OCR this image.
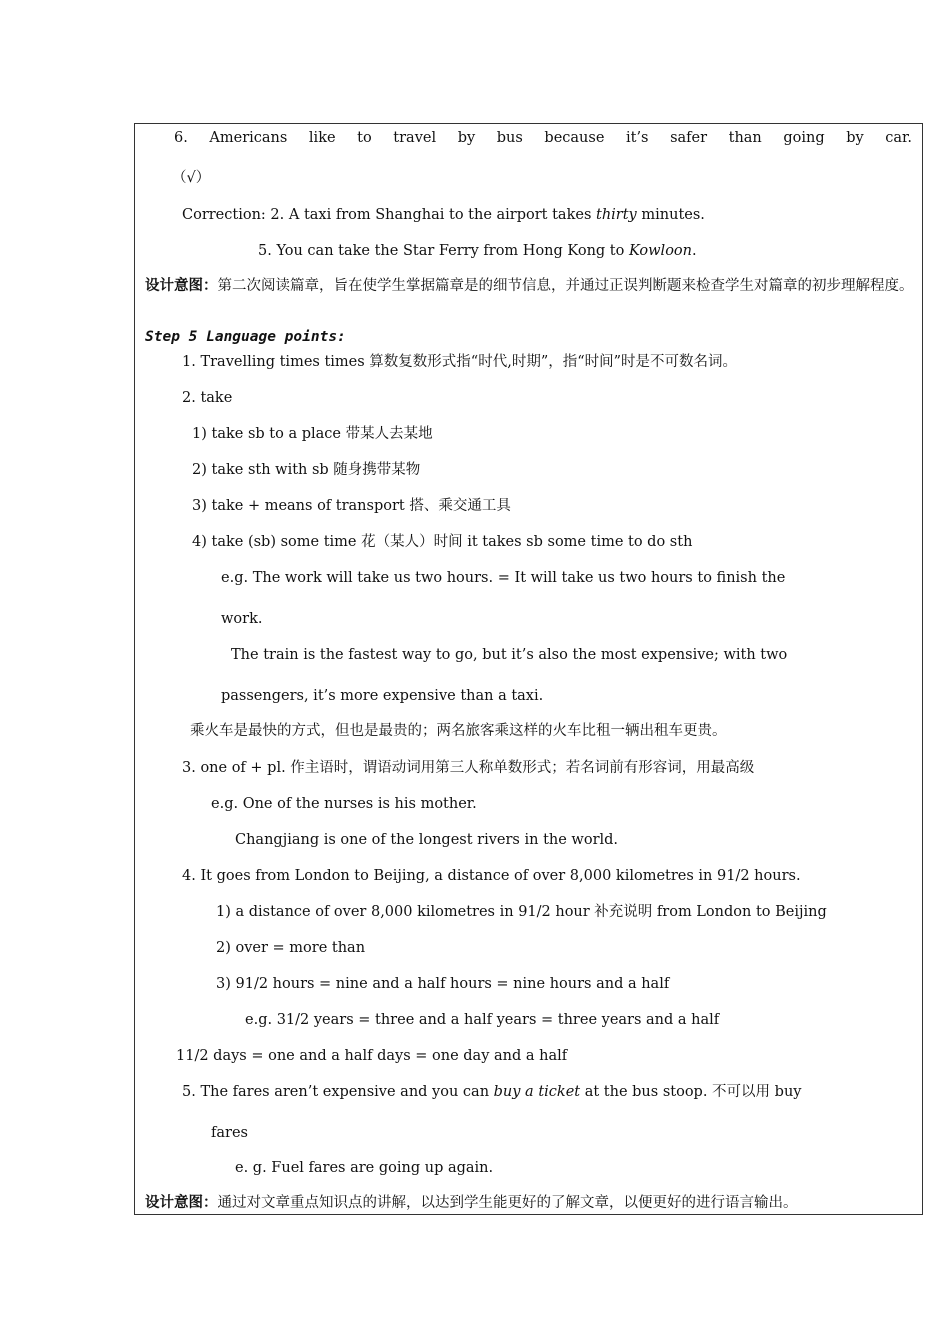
6. Americans like to travel by bus because it’s safer than going by car.
（√）
Correction: 2. A taxi from Shanghai to the airport takes thirty minutes.
5. You can take the Star Ferry from Hong Kong to Kowloon.
设计意图：第二次阅读篇章，旨在使学生掌据篇章是的细节信息，并通过正误判断题来检查学生对篇章的初步理解程度。
Step 5 Language points:
1. Travelling times times 算数复数形式指“时代,时期”，指“时间”时是不可数名词。
2. take
1) take sb to a place 带某人去某地
2) take sth with sb 随身携带某物
3) take + means of transport 搭、乘交通工具
4) take (sb) some time 花（某人）时间 it takes sb some time to do sth
e.g. The work will take us two hours. = It will take us two hours to finish the
work.
The train is the fastest way to go, but it’s also the most expensive; with two
passengers, it’s more expensive than a taxi.
乘火车是最快的方式，但也是最贵的；两名旅客乘这样的火车比租一辆出租车更贵。
3. one of + pl. 作主语时，谓语动词用第三人称单数形式；若名词前有形容词，用最高级
e.g. One of the nurses is his mother.
Changjiang is one of the longest rivers in the world.
4. It goes from London to Beijing, a distance of over 8,000 kilometres in 91/2 hours.
1) a distance of over 8,000 kilometres in 91/2 hour 补充说明 from London to Beijing
2) over = more than
3) 91/2 hours = nine and a half hours = nine hours and a half
e.g. 31/2 years = three and a half years = three years and a half
11/2 days = one and a half days = one day and a half
5. The fares aren’t expensive and you can buy a ticket at the bus stoop. 不可以用 buy
fares
e. g. Fuel fares are going up again.
设计意图：通过对文章重点知识点的讲解，以达到学生能更好的了解文章，以便更好的进行语言输出。
